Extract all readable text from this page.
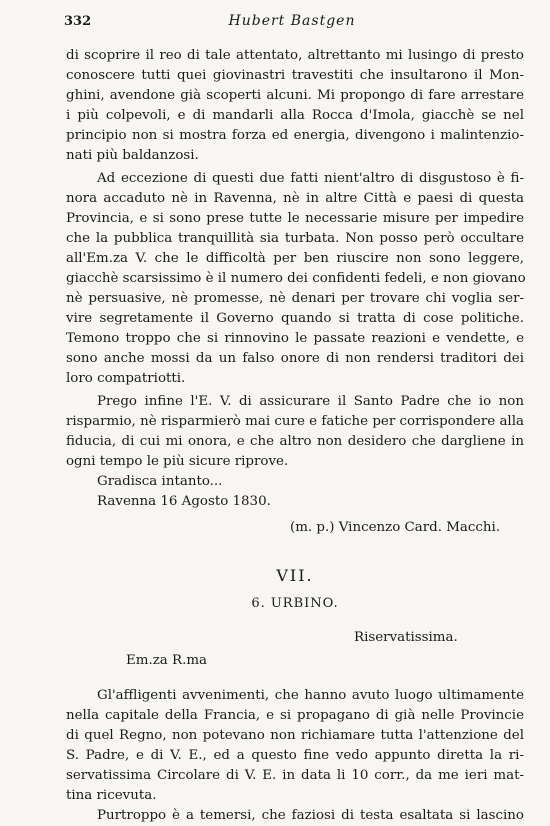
332	Hubert Bastgen
di scoprire il reo di tale attentato, altrettanto mi lusingo di presto
conoscere tutti quei giovinastri travestiti che insultarono il Mon-
ghini, avendone già scoperti alcuni. Mi propongo di fare arrestare
i più colpevoli, e di mandarli alla Rocca d'Imola, giacchè se nel
principio non si mostra forza ed energia, divengono i malintenzio-
nati più baldanzosi.
Ad eccezione di questi due fatti nient'altro di disgustoso è fi-
nora accaduto nè in Ravenna, nè in altre Città e paesi di questa
Provincia, e si sono prese tutte le necessarie misure per impedire
che la pubblica tranquillità sia turbata. Non posso però occultare
all'Em.za V. che le difficoltà per ben riuscire non sono leggere,
giacchè scarsissimo è il numero dei confidenti fedeli, e non giovano
nè persuasive, nè promesse, nè denari per trovare chi voglia ser-
vire segretamente il Governo quando si tratta di cose politiche.
Temono troppo che si rinnovino le passate reazioni e vendette, e
sono anche mossi da un falso onore di non rendersi traditori dei
loro compatriotti.
Prego infine l'E. V. di assicurare il Santo Padre che io non
risparmio, nè risparmierò mai cure e fatiche per corrispondere alla
fiducia, di cui mi onora, e che altro non desidero che dargliene in
ogni tempo le più sicure riprove.
Gradisca intanto...
Ravenna 16 Agosto 1830.
(m. p.) Vincenzo Card. Macchi.
VII.
6. URBINO.
Riservatissima.
Em.za R.ma
Gl'affligenti avvenimenti, che hanno avuto luogo ultimamente
nella capitale della Francia, e si propagano di già nelle Provincie
di quel Regno, non potevano non richiamare tutta l'attenzione del
S. Padre, e di V. E., ed a questo fine vedo appunto diretta la ri-
servatissima Circolare di V. E. in data li 10 corr., da me ieri mat-
tina ricevuta.
Purtroppo è a temersi, che faziosi di testa esaltata si lascino
